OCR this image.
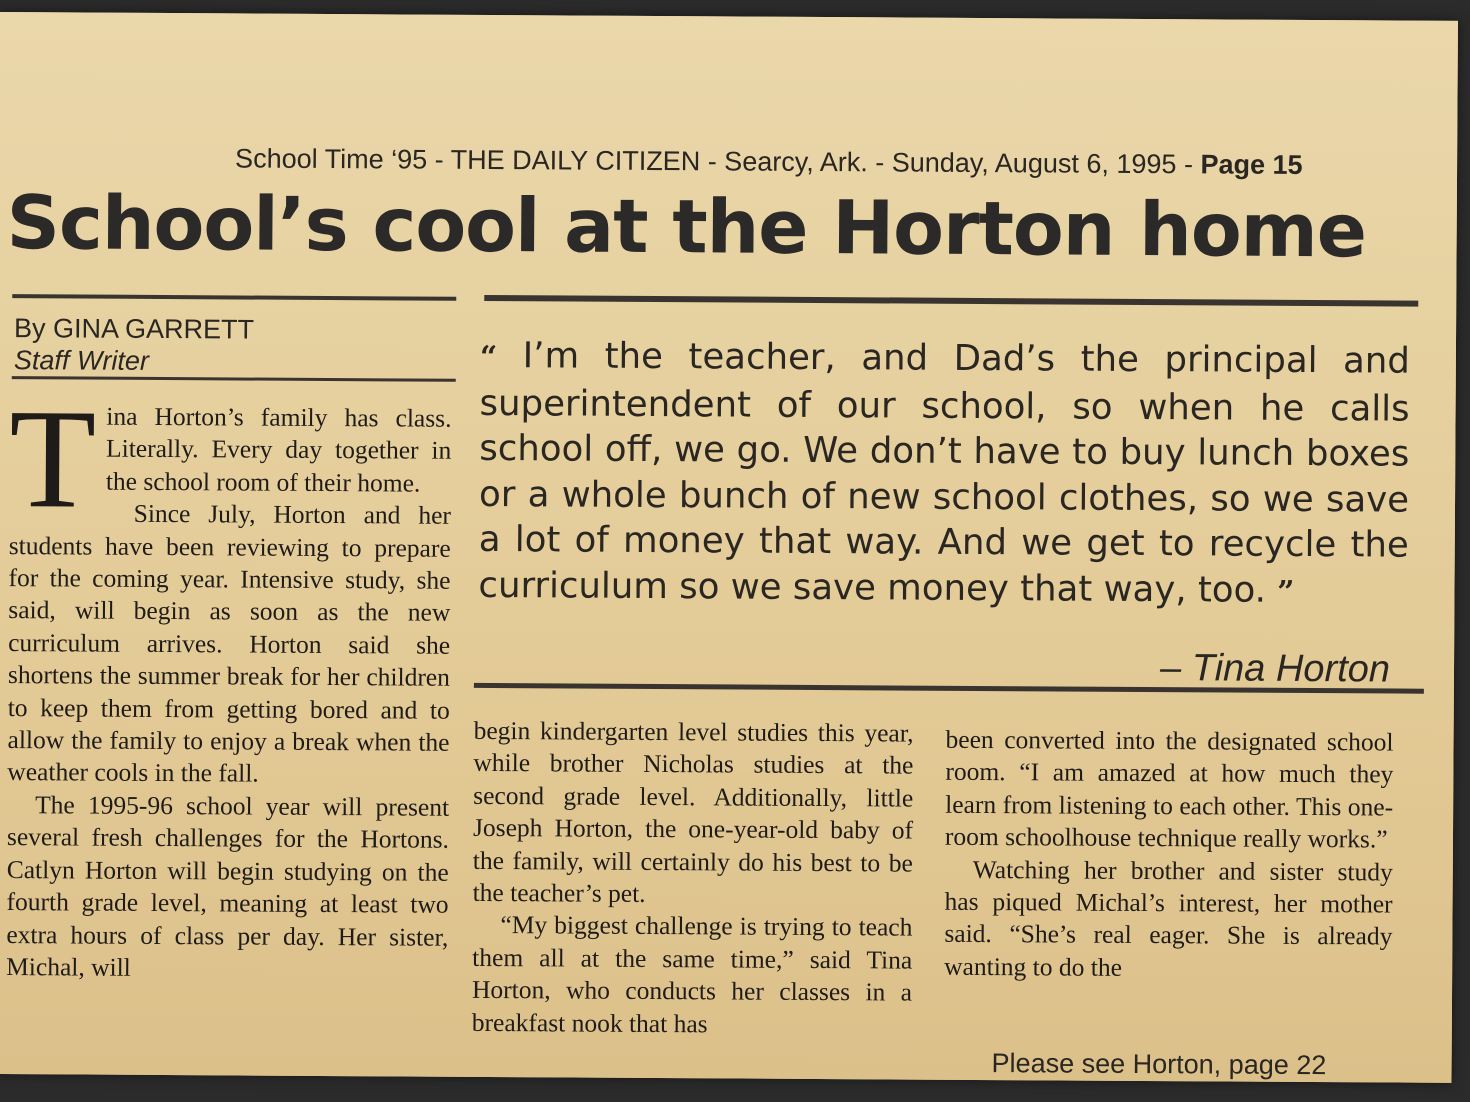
School Time ‘95 - THE DAILY CITIZEN - Searcy, Ark. - Sunday, August 6, 1995 - Page 15
School’s cool at the Horton home
By GINA GARRETT
Staff Writer

Tina Horton’s family has class. Literally. Every day together in the school room of their home.

Since July, Horton and her students have been reviewing to prepare for the coming year. Intensive study, she said, will begin as soon as the new curriculum arrives. Horton said she shortens the summer break for her children to keep them from getting bored and to allow the family to enjoy a break when the weather cools in the fall.

The 1995-96 school year will present several fresh challenges for the Hortons. Catlyn Horton will begin studying on the fourth grade level, meaning at least two extra hours of class per day. Her sister, Michal, will

“ I’m the teacher, and Dad’s the principal and superintendent of our school, so when he calls school off, we go. We don’t have to buy lunch boxes or a whole bunch of new school clothes, so we save a lot of money that way. And we get to recycle the curriculum so we save money that way, too. ”
– Tina Horton

begin kindergarten level studies this year, while brother Nicholas studies at the second grade level. Additionally, little Joseph Horton, the one-year-old baby of the family, will certainly do his best to be the teacher’s pet.

“My biggest challenge is trying to teach them all at the same time,” said Tina Horton, who conducts her classes in a breakfast nook that has

been converted into the designated school room. “I am amazed at how much they learn from listening to each other. This one-room schoolhouse technique really works.”

Watching her brother and sister study has piqued Michal’s interest, her mother said. “She’s real eager. She is already wanting to do the

Please see Horton, page 22
